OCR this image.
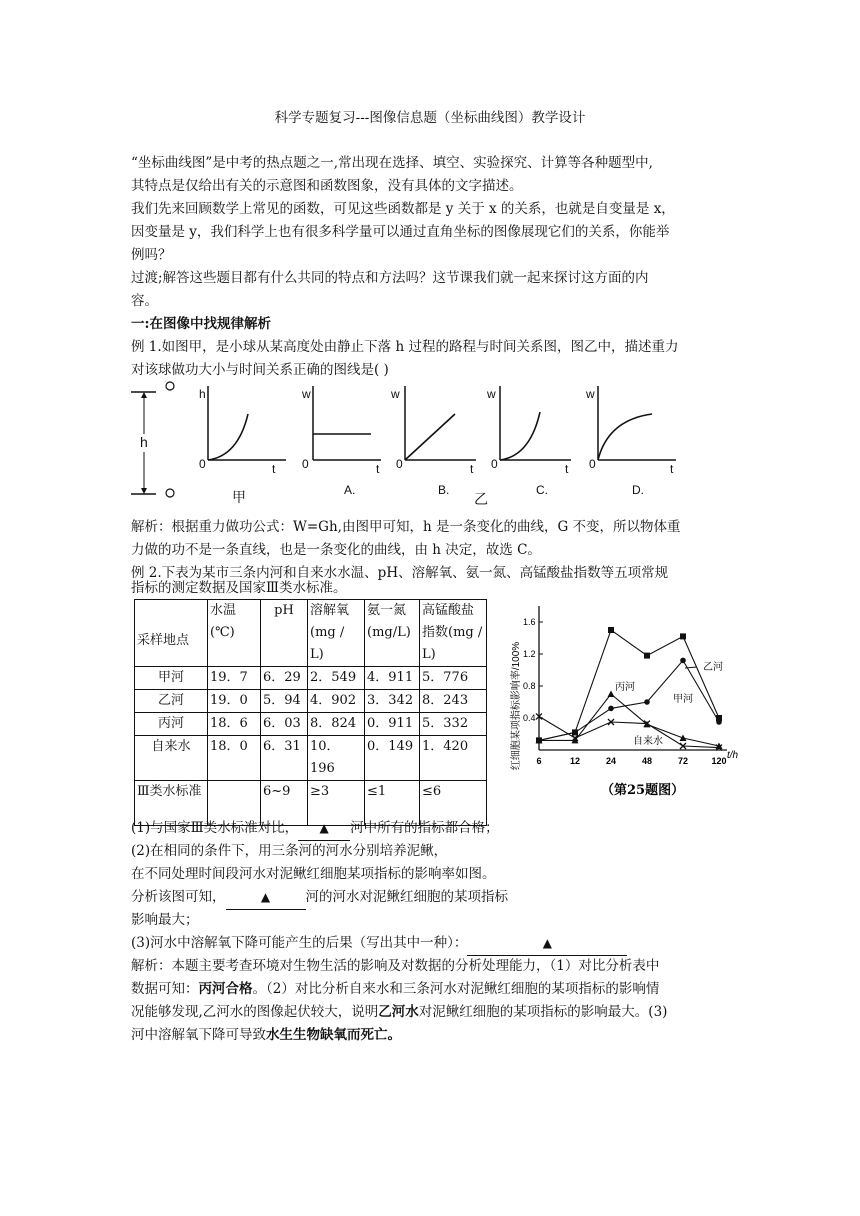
科学专题复习---图像信息题（坐标曲线图）教学设计

“坐标曲线图”是中考的热点题之一,常出现在选择、填空、实验探究、计算等各种题型中,

其特点是仅给出有关的示意图和函数图象，没有具体的文字描述。

我们先来回顾数学上常见的函数，可见这些函数都是 y 关于 x 的关系，也就是自变量是 x，

因变量是 y，我们科学上也有很多科学量可以通过直角坐标的图像展现它们的关系，你能举

例吗？

过渡;解答这些题目都有什么共同的特点和方法吗？这节课我们就一起来探讨这方面的内

容。

一:在图像中找规律解析

例 1.如图甲，是小球从某高度处由静止下落 h 过程的路程与时间关系图，图乙中，描述重力

对该球做功大小与时间关系正确的图线是( )

h
h
0	t
甲
w
0	t
A.
w
0	t
B.
乙
w
0	t
C.
w
0	t
D.

解析：根据重力做功公式：W=Gh,由图甲可知，h 是一条变化的曲线，G 不变，所以物体重

力做的功不是一条直线，也是一条变化的曲线，由 h 决定，故选 C。

例 2.下表为某市三条内河和自来水水温、pH、溶解氧、氨一氮、高锰酸盐指数等五项常规

指标的测定数据及国家Ⅲ类水标准。

采样地点	水温(℃)	pH	溶解氧(mg / L)	氨一氮(mg/L)	高锰酸盐指数(mg / L)
甲河	19．7	6．29	2．549	4．911	5．776
乙河	19．0	5．94	4．902	3．342	8．243
丙河	18．6	6．03	8．824	0．911	5．332
自来水	18．0	6．31	10．196	0．149	1．420
Ⅲ类水标准		6~9	≥3	≤1	≤6
红细胞某项指标影响率/100% 0.4
0.8
1.2
1.6
6	12	24	48	72	120
乙河
甲河
丙河
自来水
t/h
（第25题图）

(1)与国家Ⅲ类水标准对比， ▲ 河中所有的指标都合格；

(2)在相同的条件下，用三条河的河水分别培养泥鳅，

在不同处理时间段河水对泥鳅红细胞某项指标的影响率如图。

分析该图可知，	▲	河的河水对泥鳅红细胞的某项指标

影响最大；

(3)河水中溶解氧下降可能产生的后果（写出其中一种）：	▲

解析：本题主要考查环境对生物生活的影响及对数据的分析处理能力，（1）对比分析表中

数据可知：丙河合格。（2）对比分析自来水和三条河水对泥鳅红细胞的某项指标的影响情

况能够发现,乙河水的图像起伏较大，说明乙河水对泥鳅红细胞的某项指标的影响最大。(3)

河中溶解氧下降可导致水生生物缺氧而死亡。
